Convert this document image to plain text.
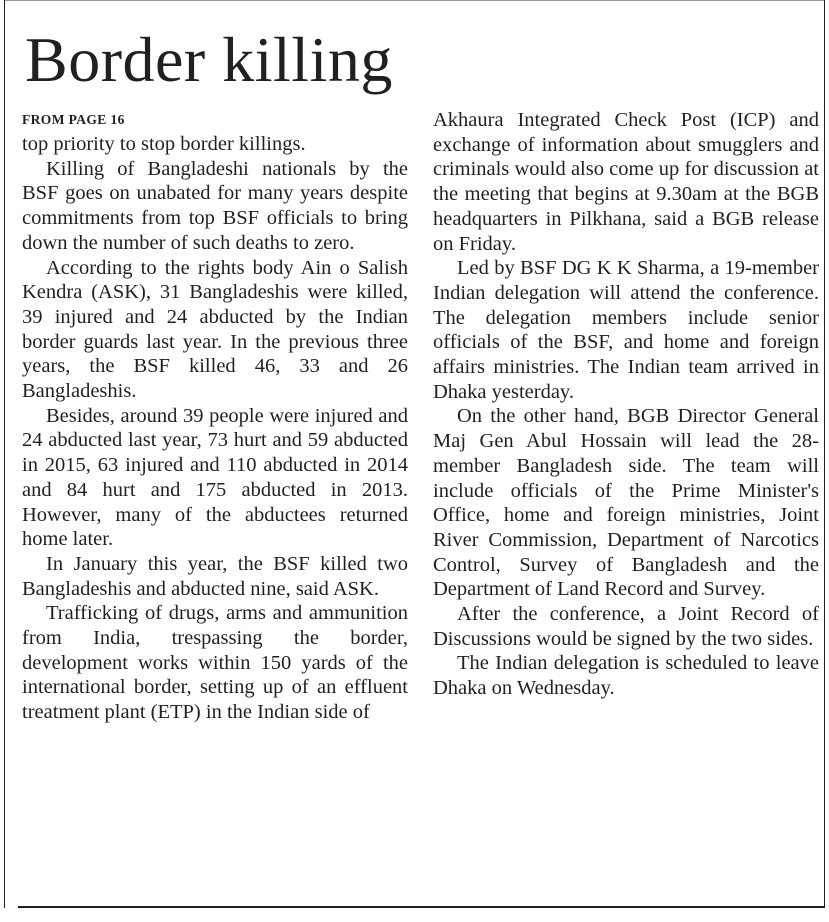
Border killing
FROM PAGE 16

top priority to stop border killings.

Killing of Bangladeshi nationals by the BSF goes on unabated for many years despite commitments from top BSF officials to bring down the number of such deaths to zero.

According to the rights body Ain o Salish Kendra (ASK), 31 Bangladeshis were killed, 39 injured and 24 abducted by the Indian border guards last year. In the previous three years, the BSF killed 46, 33 and 26 Bangladeshis.

Besides, around 39 people were injured and 24 abducted last year, 73 hurt and 59 abducted in 2015, 63 injured and 110 abducted in 2014 and 84 hurt and 175 abducted in 2013. However, many of the abductees returned home later.

In January this year, the BSF killed two Bangladeshis and abducted nine, said ASK.

Trafficking of drugs, arms and ammunition from India, trespassing the border, development works within 150 yards of the international border, setting up of an effluent treatment plant (ETP) in the Indian side of

Akhaura Integrated Check Post (ICP) and exchange of information about smugglers and criminals would also come up for discussion at the meeting that begins at 9.30am at the BGB headquarters in Pilkhana, said a BGB release on Friday.

Led by BSF DG K K Sharma, a 19-member Indian delegation will attend the conference. The delegation members include senior officials of the BSF, and home and foreign affairs ministries. The Indian team arrived in Dhaka yesterday.

On the other hand, BGB Director General Maj Gen Abul Hossain will lead the 28-member Bangladesh side. The team will include officials of the Prime Minister's Office, home and foreign ministries, Joint River Commission, Department of Narcotics Control, Survey of Bangladesh and the Department of Land Record and Survey.

After the conference, a Joint Record of Discussions would be signed by the two sides.

The Indian delegation is scheduled to leave Dhaka on Wednesday.
